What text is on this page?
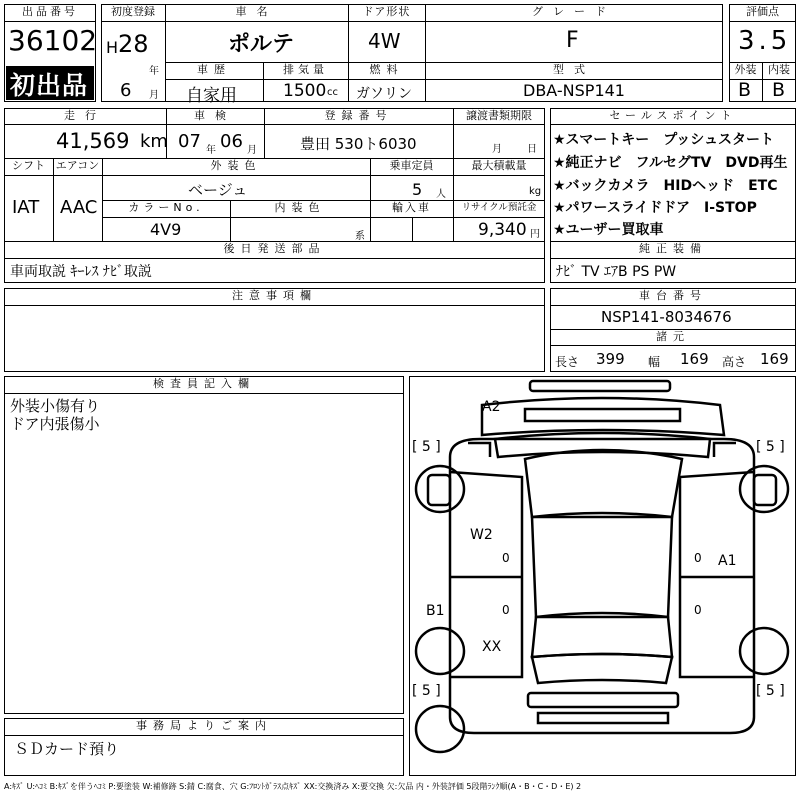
出品番号
36102
初出品
初度登録
H 28
年
6 月
車名
ポルテ
ドア形状
4W
グレード
F
車歴
自家用
排気量
1500 cc
燃料
ガソリン
型式
DBA-NSP141
評価点
3.5
外装	内装
B B
走行
41,569 km
車検
07 年 06 月
登録番号
豊田 530ト6030
譲渡書類期限
月	日
シフト
IAT
エアコン
AAC
外装色
ベージュ
乗車定員
5 人
最大積載量
kg
カラーNo.
4V9
内装色
系
輸入車	リサイクル預託金
9,340 円
後日発送部品
車両取説 ｷｰﾚｽ ﾅﾋﾞ取説
セールスポイント
★スマートキー　プッシュスタート
★純正ナビ　フルセグTV　DVD再生
★バックカメラ　HIDヘッド　ETC
★パワースライドドア　I-STOP
★ユーザー買取車
純正装備
ﾅﾋﾞ TV ｴｱB PS PW
注意事項欄	車台番号
NSP141-8034676
諸元
長さ 399 幅 169 高さ 169
検査員記入欄
外装小傷有り
ドア内張傷小
事務局よりご案内
ＳＤカード預り
A2
W2
A1
B1
XX
[ 5 ]	[ 5 ]
[ 5 ]	[ 5 ]
0
0
0
0
A:ｷｽﾞ U:ﾍｺﾐ B:ｷｽﾞを伴うﾍｺﾐ P:要塗装 W:補修跡 S:錆 C:腐食、穴 G:ﾌﾛﾝﾄｶﾞﾗｽ点ｷｽﾞ XX:交換済み X:要交換 欠:欠品 内・外装評価 5段階ﾗﾝｸ順(A・B・C・D・E) 2
